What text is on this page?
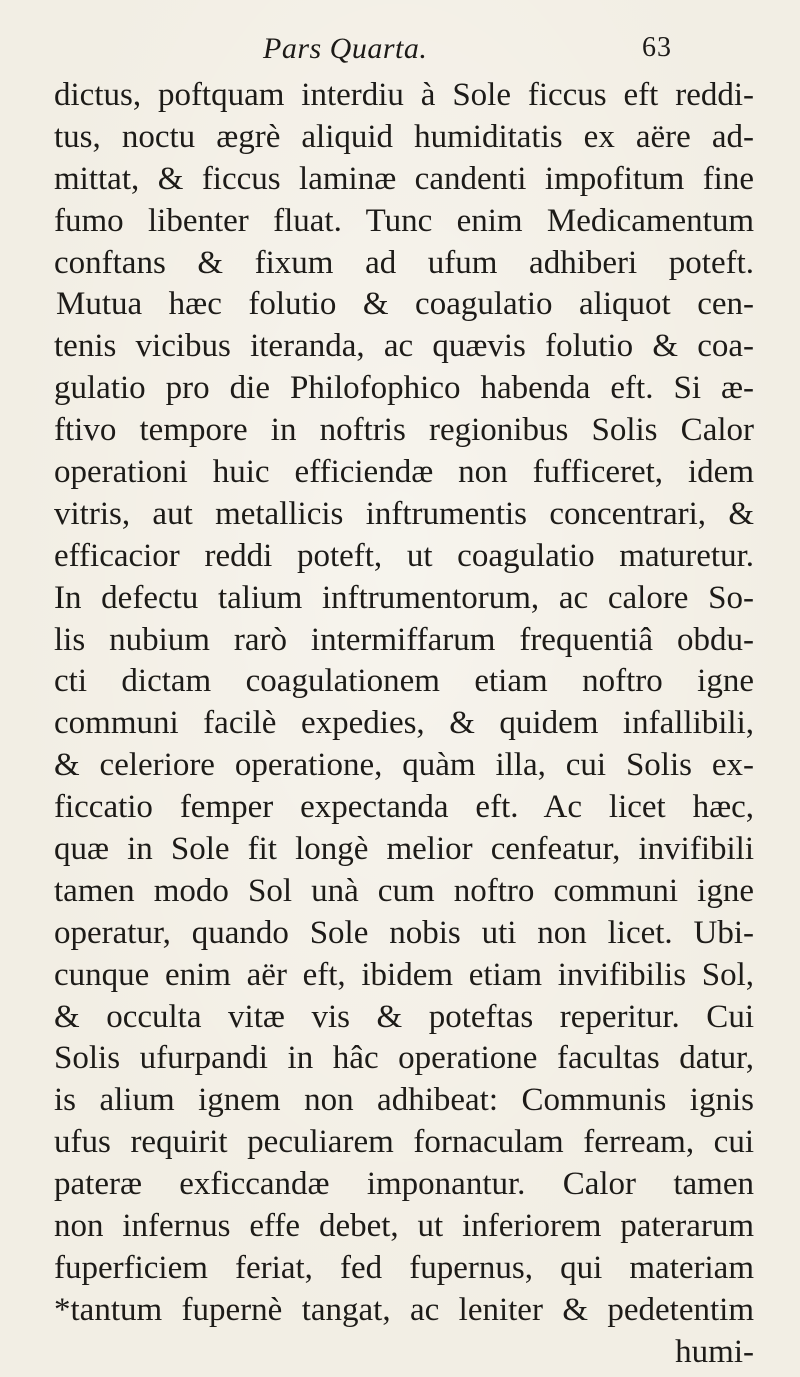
Pars Quarta.	63
dictus, poftquam interdiu à Sole ficcus eft reddi-
tus, noctu ægrè aliquid humiditatis ex aëre ad-
mittat, & ficcus laminæ candenti impofitum fine
fumo libenter fluat. Tunc enim Medicamentum
conftans & fixum ad ufum adhiberi poteft.
Mutua hæc folutio & coagulatio aliquot cen-
tenis vicibus iteranda, ac quævis folutio & coa-
gulatio pro die Philofophico habenda eft. Si æ-
ftivo tempore in noftris regionibus Solis Calor
operationi huic efficiendæ non fufficeret, idem
vitris, aut metallicis inftrumentis concentrari, &
efficacior reddi poteft, ut coagulatio maturetur.
In defectu talium inftrumentorum, ac calore So-
lis nubium rarò intermiffarum frequentiâ obdu-
cti dictam coagulationem etiam noftro igne
communi facilè expedies, & quidem infallibili,
& celeriore operatione, quàm illa, cui Solis ex-
ficcatio femper expectanda eft. Ac licet hæc,
quæ in Sole fit longè melior cenfeatur, invifibili
tamen modo Sol unà cum noftro communi igne
operatur, quando Sole nobis uti non licet. Ubi-
cunque enim aër eft, ibidem etiam invifibilis Sol,
& occulta vitæ vis & poteftas reperitur. Cui
Solis ufurpandi in hâc operatione facultas datur,
is alium ignem non adhibeat: Communis ignis
ufus requirit peculiarem fornaculam ferream, cui
pateræ exficcandæ imponantur. Calor tamen
non infernus effe debet, ut inferiorem paterarum
fuperficiem feriat, fed fupernus, qui materiam
*tantum fupernè tangat, ac leniter & pedetentim
humi-
